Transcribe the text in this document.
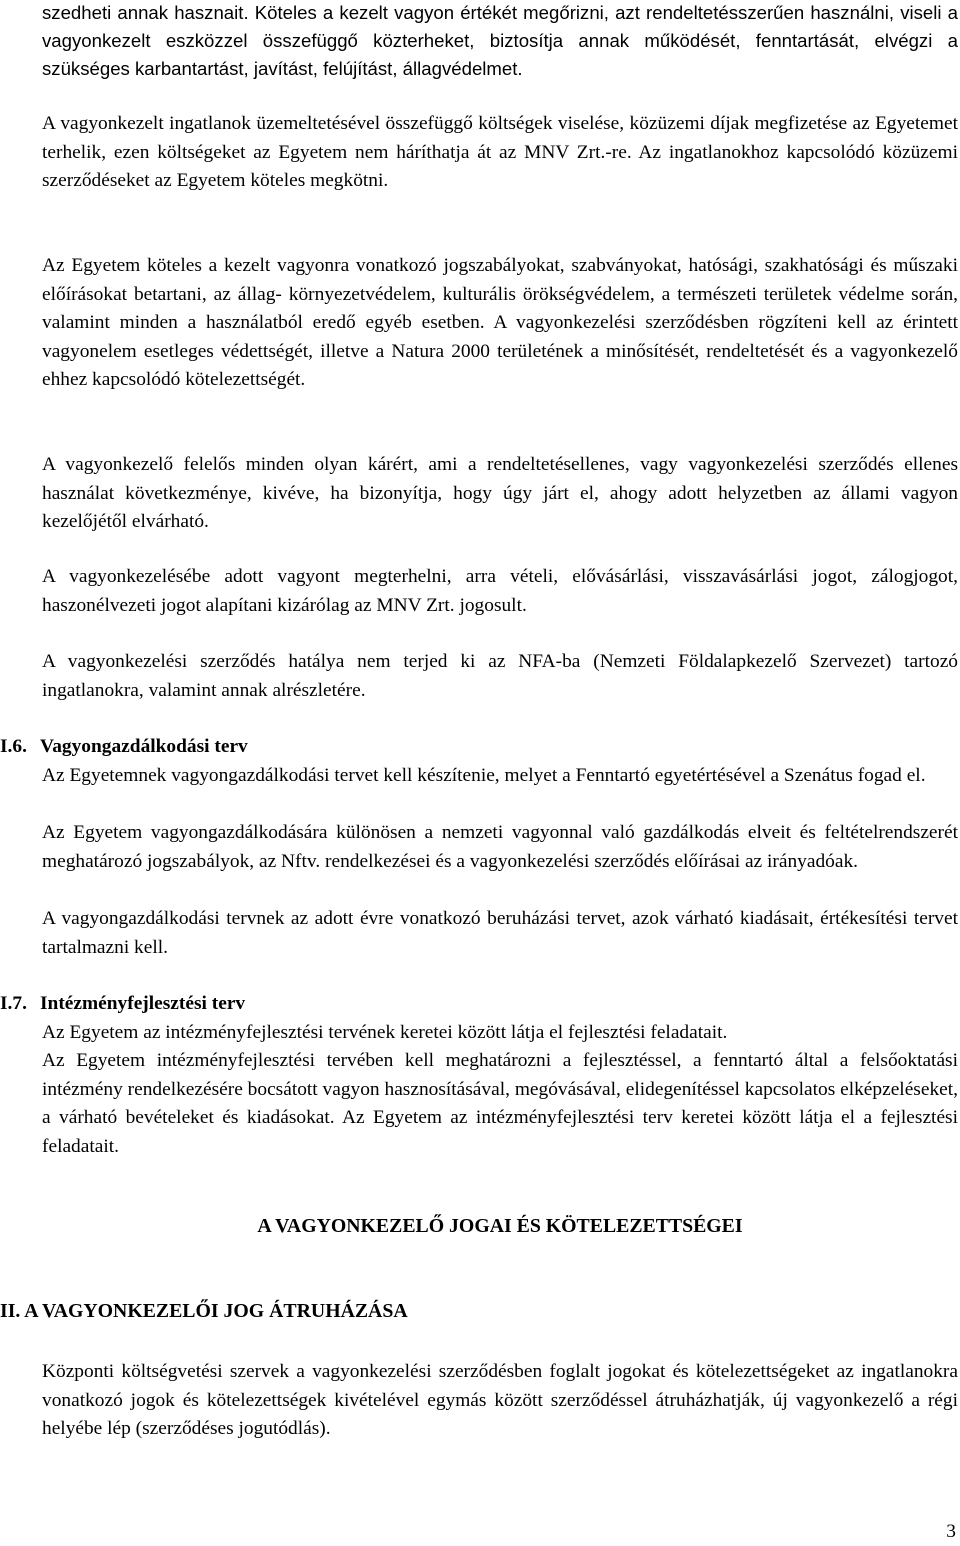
szedheti annak hasznait. Köteles a kezelt vagyon értékét megőrizni, azt rendeltetésszerűen használni, viseli a vagyonkezelt eszközzel összefüggő közterheket, biztosítja annak működését, fenntartását, elvégzi a szükséges karbantartást, javítást, felújítást, állagvédelmet.

A vagyonkezelt ingatlanok üzemeltetésével összefüggő költségek viselése, közüzemi díjak megfizetése az Egyetemet terhelik, ezen költségeket az Egyetem nem háríthatja át az MNV Zrt.-re. Az ingatlanokhoz kapcsolódó közüzemi szerződéseket az Egyetem köteles megkötni.

Az Egyetem köteles a kezelt vagyonra vonatkozó jogszabályokat, szabványokat, hatósági, szakhatósági és műszaki előírásokat betartani, az állag- környezetvédelem, kulturális örökségvédelem, a természeti területek védelme során, valamint minden a használatból eredő egyéb esetben. A vagyonkezelési szerződésben rögzíteni kell az érintett vagyonelem esetleges védettségét, illetve a Natura 2000 területének a minősítését, rendeltetését és a vagyonkezelő ehhez kapcsolódó kötelezettségét.

A vagyonkezelő felelős minden olyan kárért, ami a rendeltetésellenes, vagy vagyonkezelési szerződés ellenes használat következménye, kivéve, ha bizonyítja, hogy úgy járt el, ahogy adott helyzetben az állami vagyon kezelőjétől elvárható.

A vagyonkezelésébe adott vagyont megterhelni, arra vételi, elővásárlási, visszavásárlási jogot, zálogjogot, haszonélvezeti jogot alapítani kizárólag az MNV Zrt. jogosult.

A vagyonkezelési szerződés hatálya nem terjed ki az NFA-ba (Nemzeti Földalapkezelő Szervezet) tartozó ingatlanokra, valamint annak alrészletére.

I.6. Vagyongazdálkodási terv

Az Egyetemnek vagyongazdálkodási tervet kell készítenie, melyet a Fenntartó egyetértésével a Szenátus fogad el.

Az Egyetem vagyongazdálkodására különösen a nemzeti vagyonnal való gazdálkodás elveit és feltételrendszerét meghatározó jogszabályok, az Nftv. rendelkezései és a vagyonkezelési szerződés előírásai az irányadóak.

A vagyongazdálkodási tervnek az adott évre vonatkozó beruházási tervet, azok várható kiadásait, értékesítési tervet tartalmazni kell.

I.7. Intézményfejlesztési terv

Az Egyetem az intézményfejlesztési tervének keretei között látja el fejlesztési feladatait.

Az Egyetem intézményfejlesztési tervében kell meghatározni a fejlesztéssel, a fenntartó által a felsőoktatási intézmény rendelkezésére bocsátott vagyon hasznosításával, megóvásával, elidegenítéssel kapcsolatos elképzeléseket, a várható bevételeket és kiadásokat. Az Egyetem az intézményfejlesztési terv keretei között látja el a fejlesztési feladatait.

A VAGYONKEZELŐ JOGAI ÉS KÖTELEZETTSÉGEI
II. A VAGYONKEZELŐI JOG ÁTRUHÁZÁSA

Központi költségvetési szervek a vagyonkezelési szerződésben foglalt jogokat és kötelezettségeket az ingatlanokra vonatkozó jogok és kötelezettségek kivételével egymás között szerződéssel átruházhatják, új vagyonkezelő a régi helyébe lép (szerződéses jogutódlás).

3
